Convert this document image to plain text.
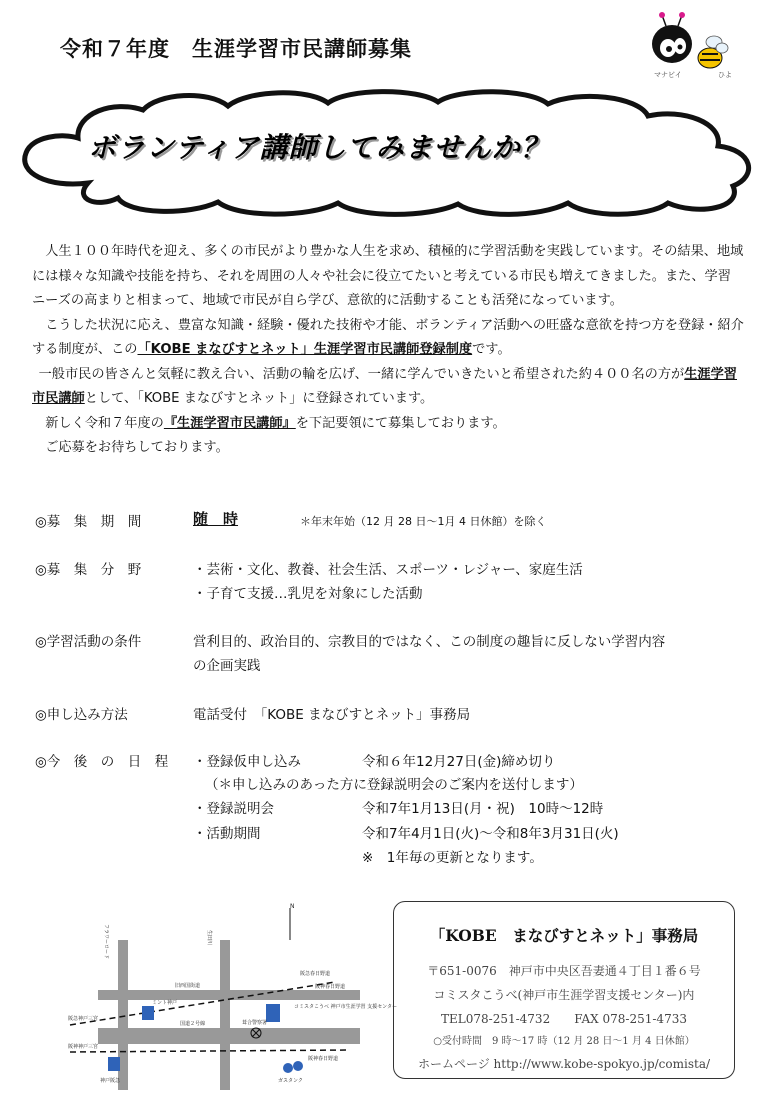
令和７年度　生涯学習市民講師募集
マナビイ	ひよ
ボランティア講師してみませんか？

人生１００年時代を迎え、多くの市民がより豊かな人生を求め、積極的に学習活動を実践しています。その結果、地域には様々な知識や技能を持ち、それを周囲の人々や社会に役立てたいと考えている市民も増えてきました。また、学習ニーズの高まりと相まって、地域で市民が自ら学び、意欲的に活動することも活発になっています。

こうした状況に応え、豊富な知識・経験・優れた技術や才能、ボランティア活動への旺盛な意欲を持つ方を登録・紹介する制度が、この「KOBE まなびすとネット」生涯学習市民講師登録制度です。

一般市民の皆さんと気軽に教え合い、活動の輪を広げ、一緒に学んでいきたいと希望された約４００名の方が生涯学習市民講師として、「KOBE まなびすとネット」に登録されています。

新しく令和７年度の『生涯学習市民講師』を下記要領にて募集しております。

ご応募をお待ちしております。

◎募　集　期　間	随　時	＊年末年始（12 月 28 日～1月 4 日休館）を除く
◎募　集　分　野	・芸術・文化、教養、社会生活、スポーツ・レジャー、家庭生活
・子育て支援…乳児を対象にした活動
◎学習活動の条件	営利目的、政治目的、宗教目的ではなく、この制度の趣旨に反しない学習内容
の企画実践
◎申し込み方法	電話受付　「KOBE まなびすとネット」事務局
◎今　後　の　日　程 ・登録仮申し込み	令和６年12月27日(金)締め切り
（＊申し込みのあった方に登録説明会のご案内を送付します）
・登録説明会	令和7年1月13日(月・祝)　10時～12時
・活動期間	令和7年4月1日(火)～令和8年3月31日(火)
※　1年毎の更新となります。
N
フラワーロード	生田川
旧西国街道
阪急春日野道
阪神春日野道
コミスタこうべ 神戸市生涯学習 支援センター
ミント神戸
国道２号線	葺合警察署
阪急神戸三宮
阪神神戸三宮
神戸阪急
阪神春日野道
ガスタンク
「KOBE　まなびすとネット」事務局
〒651-0076　神戸市中央区吾妻通４丁目１番６号
コミスタこうべ(神戸市生涯学習支援センター)内
TEL078-251-4732　　FAX 078-251-4733
○受付時間　9 時～17 時（12 月 28 日～1 月 4 日休館）
ホームページ http://www.kobe-spokyo.jp/comista/
